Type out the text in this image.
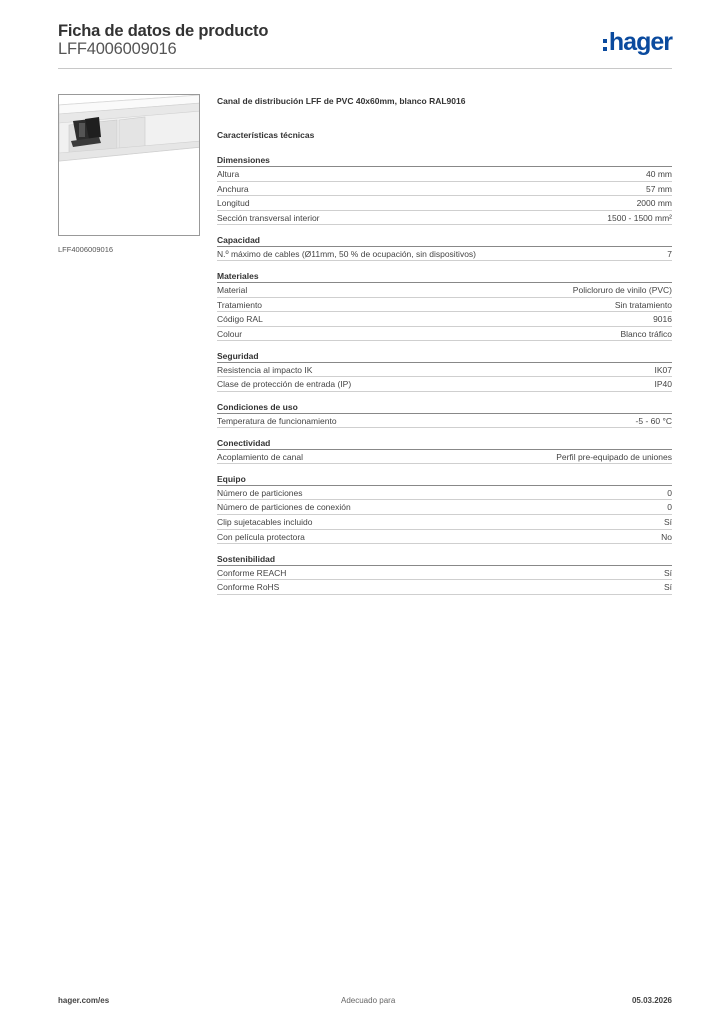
Ficha de datos de producto
LFF4006009016	hager
LFF4006009016
Canal de distribución LFF de PVC 40x60mm, blanco RAL9016
Características técnicas
Dimensiones
Altura	40 mm
Anchura	57 mm
Longitud	2000 mm
Sección transversal interior	1500 - 1500 mm²
Capacidad
N.º máximo de cables (Ø11mm, 50 % de ocupación, sin dispositivos)	7
Materiales
Material	Policloruro de vinilo (PVC)
Tratamiento	Sin tratamiento
Código RAL	9016
Colour	Blanco tráfico
Seguridad
Resistencia al impacto IK	IK07
Clase de protección de entrada (IP)	IP40
Condiciones de uso
Temperatura de funcionamiento	-5 - 60 °C
Conectividad
Acoplamiento de canal	Perfil pre-equipado de uniones
Equipo
Número de particiones	0
Número de particiones de conexión	0
Clip sujetacables incluido	Sí
Con película protectora	No
Sostenibilidad
Conforme REACH	Sí
Conforme RoHS	Sí
hager.com/es	Adecuado para	05.03.2026
